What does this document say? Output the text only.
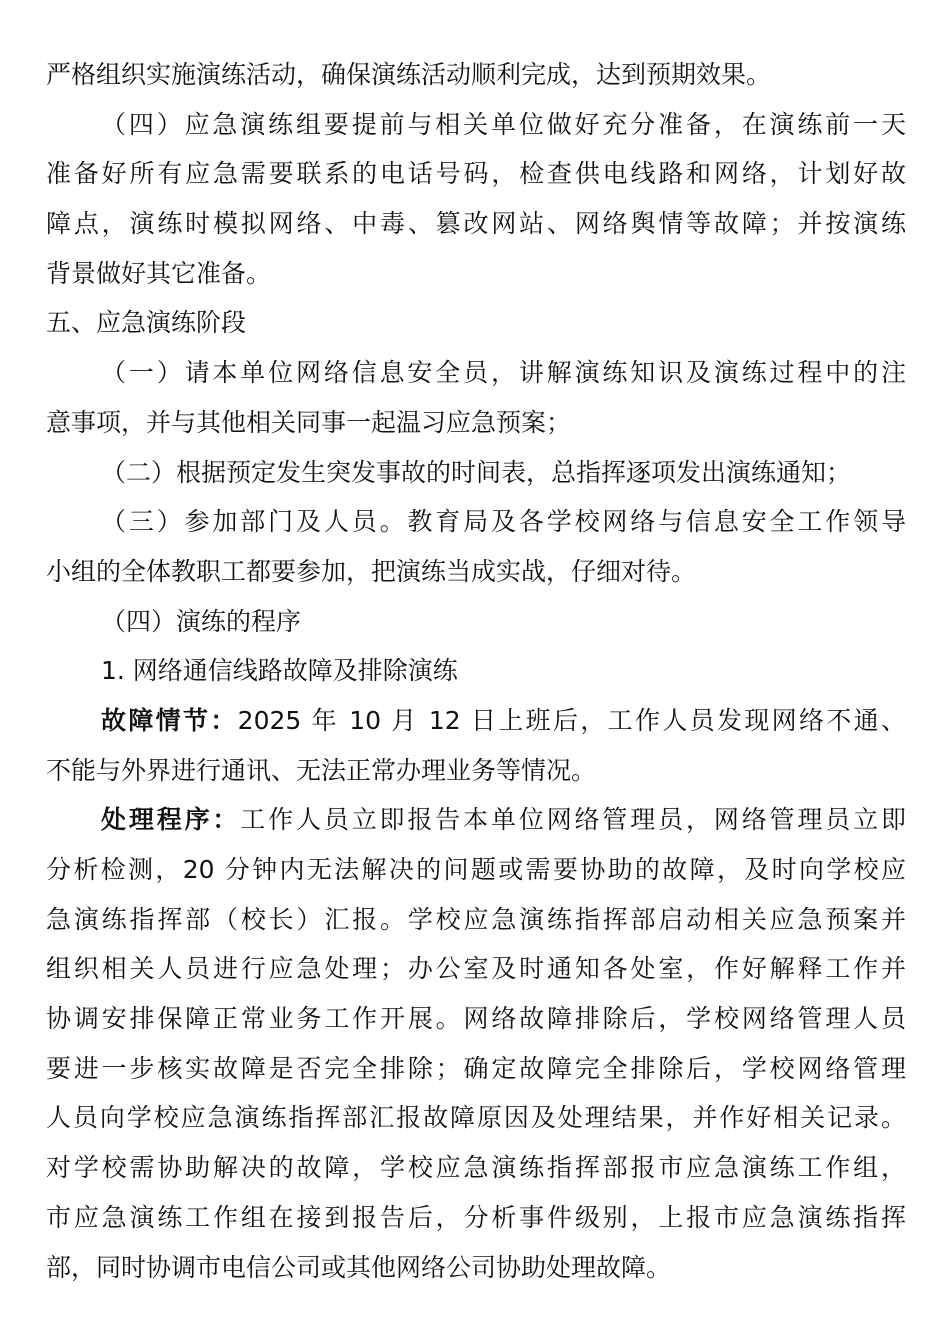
严格组织实施演练活动，确保演练活动顺利完成，达到预期效果。
（四）应急演练组要提前与相关单位做好充分准备，在演练前一天
准备好所有应急需要联系的电话号码，检查供电线路和网络，计划好故
障点，演练时模拟网络、中毒、篡改网站、网络舆情等故障；并按演练
背景做好其它准备。
五、应急演练阶段
（一）请本单位网络信息安全员，讲解演练知识及演练过程中的注
意事项，并与其他相关同事一起温习应急预案；
（二）根据预定发生突发事故的时间表，总指挥逐项发出演练通知；
（三）参加部门及人员。教育局及各学校网络与信息安全工作领导
小组的全体教职工都要参加，把演练当成实战，仔细对待。
（四）演练的程序
1. 网络通信线路故障及排除演练
故障情节：2025 年 10 月 12 日上班后，工作人员发现网络不通、
不能与外界进行通讯、无法正常办理业务等情况。
处理程序：工作人员立即报告本单位网络管理员，网络管理员立即
分析检测，20 分钟内无法解决的问题或需要协助的故障，及时向学校应
急演练指挥部（校长）汇报。学校应急演练指挥部启动相关应急预案并
组织相关人员进行应急处理；办公室及时通知各处室，作好解释工作并
协调安排保障正常业务工作开展。网络故障排除后，学校网络管理人员
要进一步核实故障是否完全排除；确定故障完全排除后，学校网络管理
人员向学校应急演练指挥部汇报故障原因及处理结果，并作好相关记录。
对学校需协助解决的故障，学校应急演练指挥部报市应急演练工作组，
市应急演练工作组在接到报告后，分析事件级别，上报市应急演练指挥
部，同时协调市电信公司或其他网络公司协助处理故障。
